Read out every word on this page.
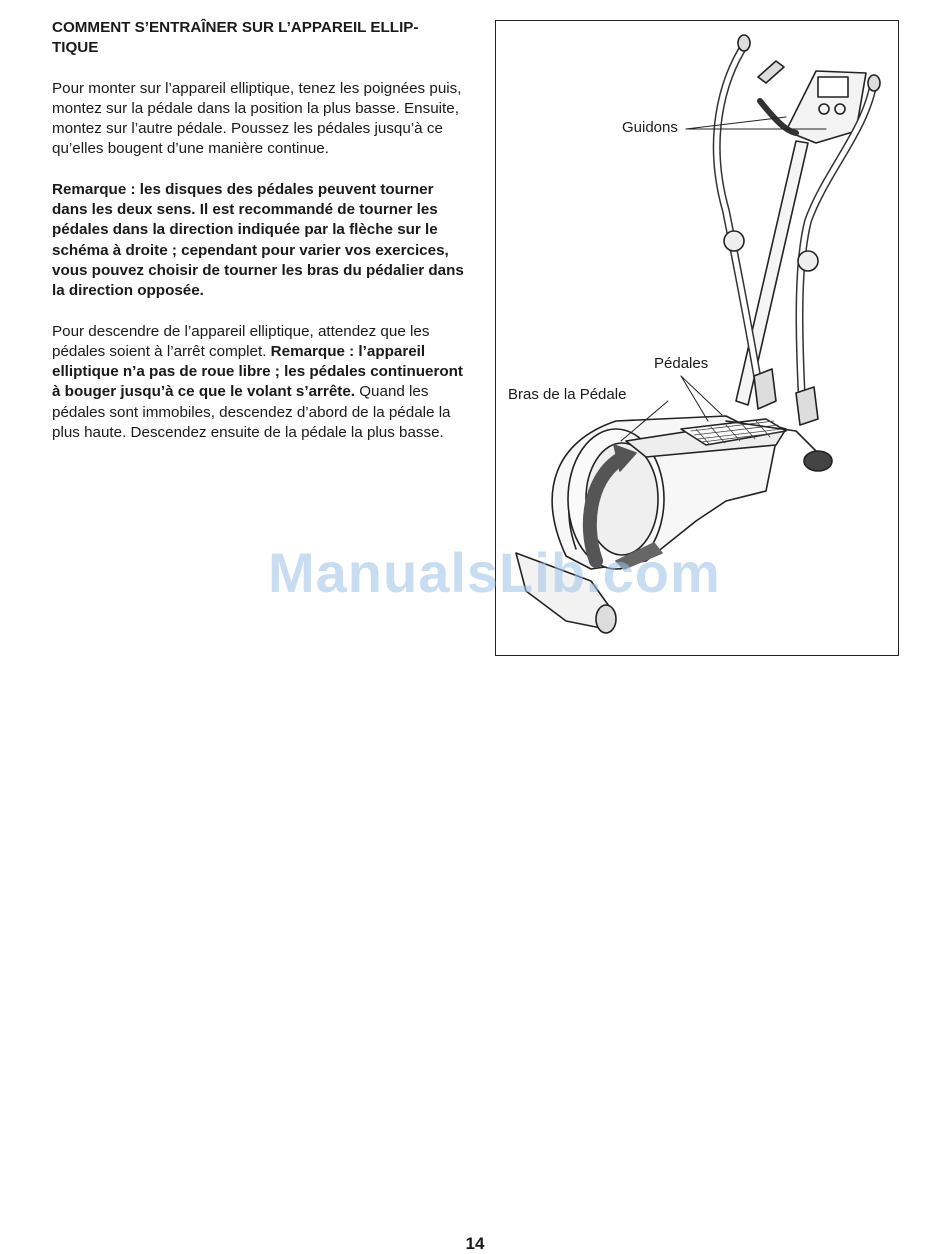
COMMENT S’ENTRAÎNER SUR L’APPAREIL ELLIP-TIQUE

Pour monter sur l’appareil elliptique, tenez les poignées puis, montez sur la pédale dans la position la plus basse. Ensuite, montez sur l’autre pédale. Poussez les pédales jusqu’à ce qu’elles bougent d’une manière continue.

Remarque : les disques des pédales peuvent tourner dans les deux sens. Il est recommandé de tourner les pédales dans la direction indiquée par la flèche sur le schéma à droite ; cependant pour varier vos exercices, vous pouvez choisir de tourner les bras du pédalier dans la direction opposée.

Pour descendre de l’appareil elliptique, attendez que les pédales soient à l’arrêt complet. Remarque : l’appareil elliptique n’a pas de roue libre ; les pédales continueront à bouger jusqu’à ce que le volant s’arrête. Quand les pédales sont immobiles, descendez d’abord de la pédale la plus haute. Descendez ensuite de la pédale la plus basse.

Guidons
Pédales
Bras de la Pédale
ManualsLib.com
14
